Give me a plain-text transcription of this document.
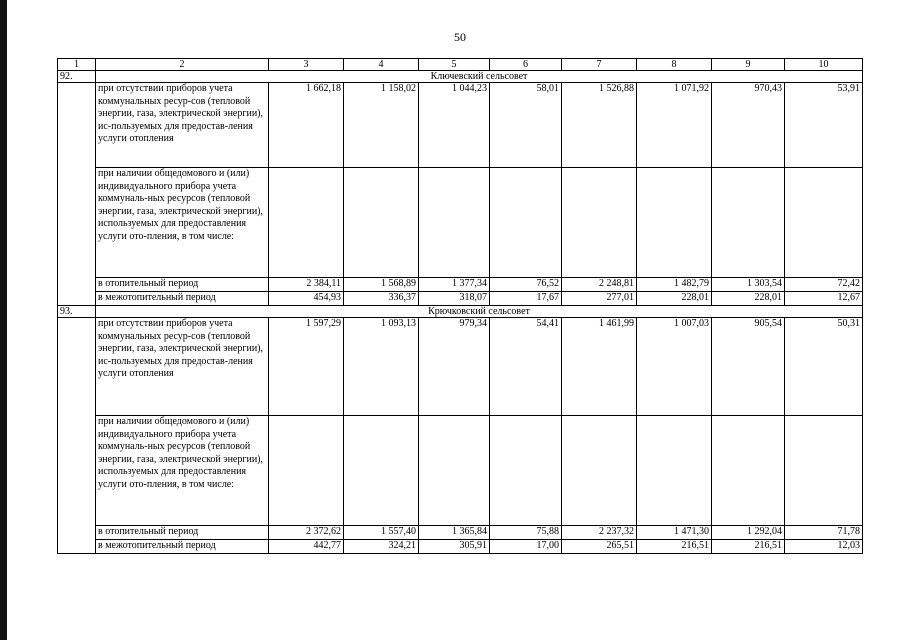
50
1	2	3	4	5	6	7	8	9	10
92.	Ключевский сельсовет								
	при отсутствии приборов учета коммунальных ресур-сов (тепловой энергии, газа, электрической энергии), ис-пользуемых для предостав-ления услуги отопления	1 662,18	1 158,02	1 044,23	58,01	1 526,88	1 071,92	970,43	53,91
	при наличии общедомового и (или) индивидуального прибора учета коммуналь-ных ресурсов (тепловой энергии, газа, электрической энергии), используемых для предоставления услуги ото-пления, в том числе:								
	в отопительный период	2 384,11	1 568,89	1 377,34	76,52	2 248,81	1 482,79	1 303,54	72,42
	в межотопительный период	454,93	336,37	318,07	17,67	277,01	228,01	228,01	12,67
93.	Крючковский сельсовет								
	при отсутствии приборов учета коммунальных ресур-сов (тепловой энергии, газа, электрической энергии), ис-пользуемых для предостав-ления услуги отопления	1 597,29	1 093,13	979,34	54,41	1 461,99	1 007,03	905,54	50,31
	при наличии общедомового и (или) индивидуального прибора учета коммуналь-ных ресурсов (тепловой энергии, газа, электрической энергии), используемых для предоставления услуги ото-пления, в том числе:								
	в отопительный период	2 372,62	1 557,40	1 365,84	75,88	2 237,32	1 471,30	1 292,04	71,78
	в межотопительный период	442,77	324,21	305,91	17,00	265,51	216,51	216,51	12,03
